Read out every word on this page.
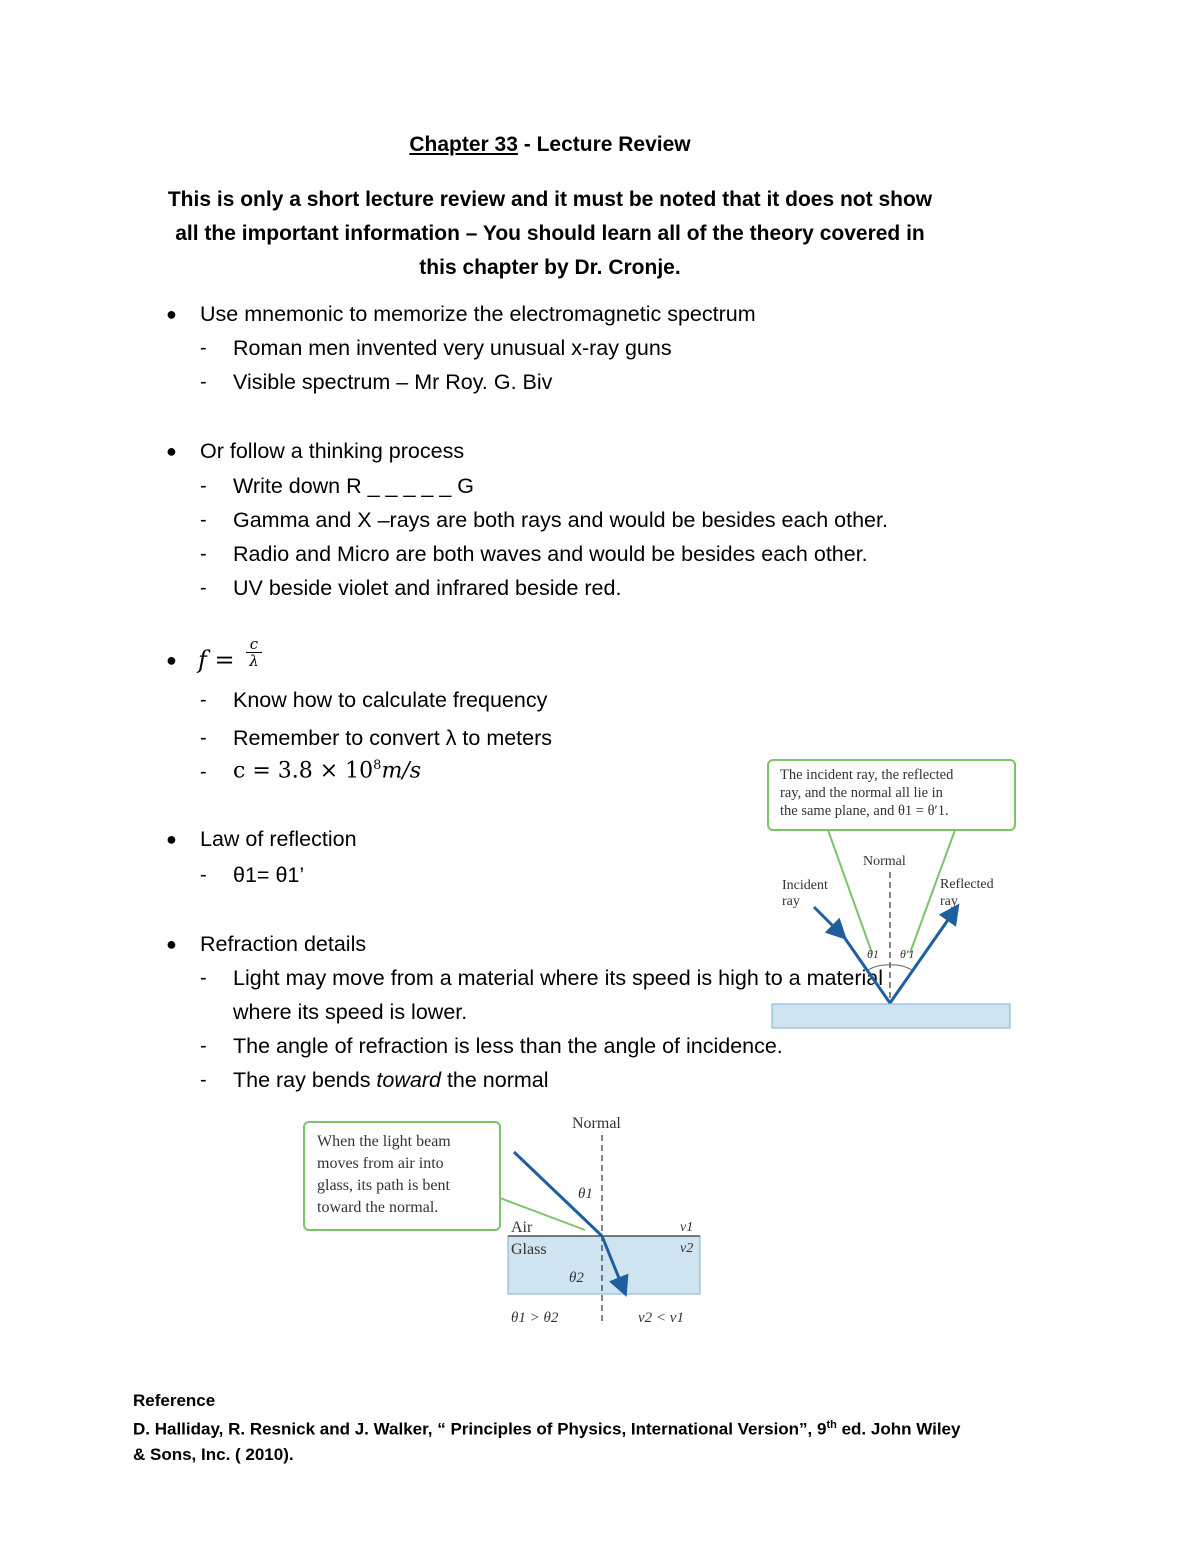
Chapter 33 - Lecture Review
This is only a short lecture review and it must be noted that it does not show
all the important information – You should learn all of the theory covered in
this chapter by Dr. Cronje.
● Use mnemonic to memorize the electromagnetic spectrum
- Roman men invented very unusual x-ray guns
- Visible spectrum – Mr Roy. G. Biv
● Or follow a thinking process
- Write down R _ _ _ _ _ G
- Gamma and X –rays are both rays and would be besides each other.
- Radio and Micro are both waves and would be besides each other.
- UV beside violet and infrared beside red.
● f =
c
λ
- Know how to calculate frequency
- Remember to convert λ to meters
- $c = 3.8 \times 10^8m/s$
● Law of reflection
- θ1= θ1’
● Refraction details
- Light may move from a material where its speed is high to a material
where its speed is lower.
- The angle of refraction is less than the angle of incidence.
- The ray bends toward the normal
The incident ray, the reflected
ray, and the normal all lie in
the same plane, and θ1 = θ′1.
Normal
Incident
ray
Reflected
ray
θ1 θ′1
When the light beam
moves from air into
glass, its path is bent
toward the normal.
Normal
θ1
θ2
Air
Glass
v1
v2
θ1 > θ2	v2 < v1
Reference
D. Halliday, R. Resnick and J. Walker, “ Principles of Physics, International Version”, 9th ed. John Wiley
& Sons, Inc. ( 2010).
